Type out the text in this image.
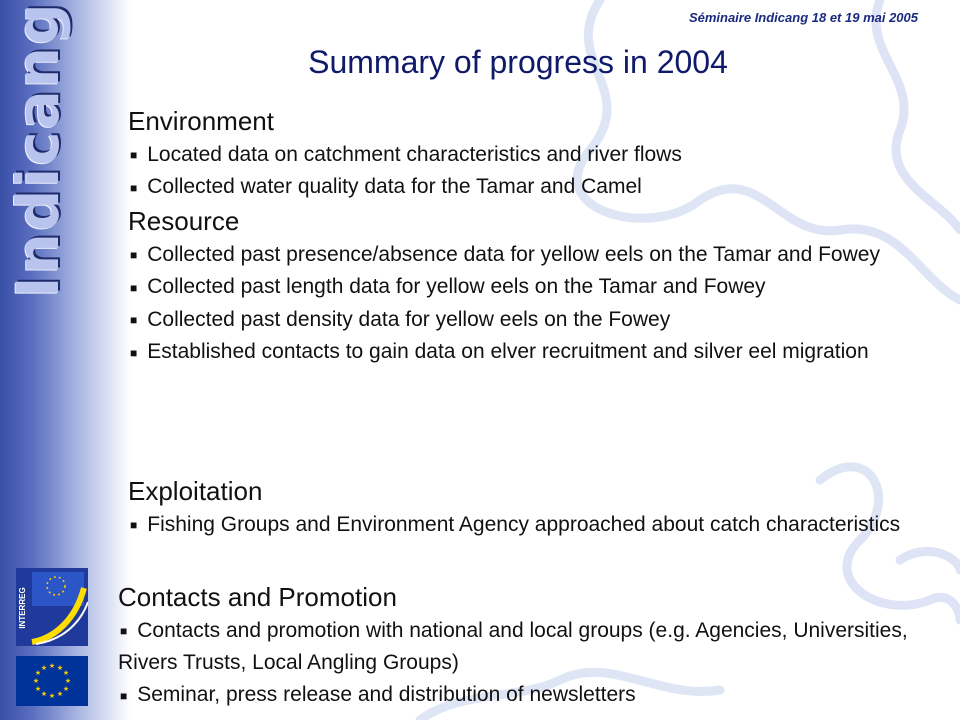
Indicang	Séminaire Indicang 18 et 19 mai 2005
Summary of progress in 2004
Environment

■ Located data on catchment characteristics and river flows

■ Collected water quality data for the Tamar and Camel

Resource

■ Collected past presence/absence data for yellow eels on the Tamar and Fowey

■ Collected past length data for yellow eels on the Tamar and Fowey

■ Collected past density data for yellow eels on the Fowey

■ Established contacts to gain data on elver recruitment and silver eel migration

Exploitation

■ Fishing Groups and Environment Agency approached about catch characteristics

Contacts and Promotion

■ Contacts and promotion with national and local groups (e.g. Agencies, Universities, Rivers Trusts, Local Angling Groups)

■ Seminar, press release and distribution of newsletters

INTERREG
★ ★
★
★
★
★
★
★
★
★
★
★
